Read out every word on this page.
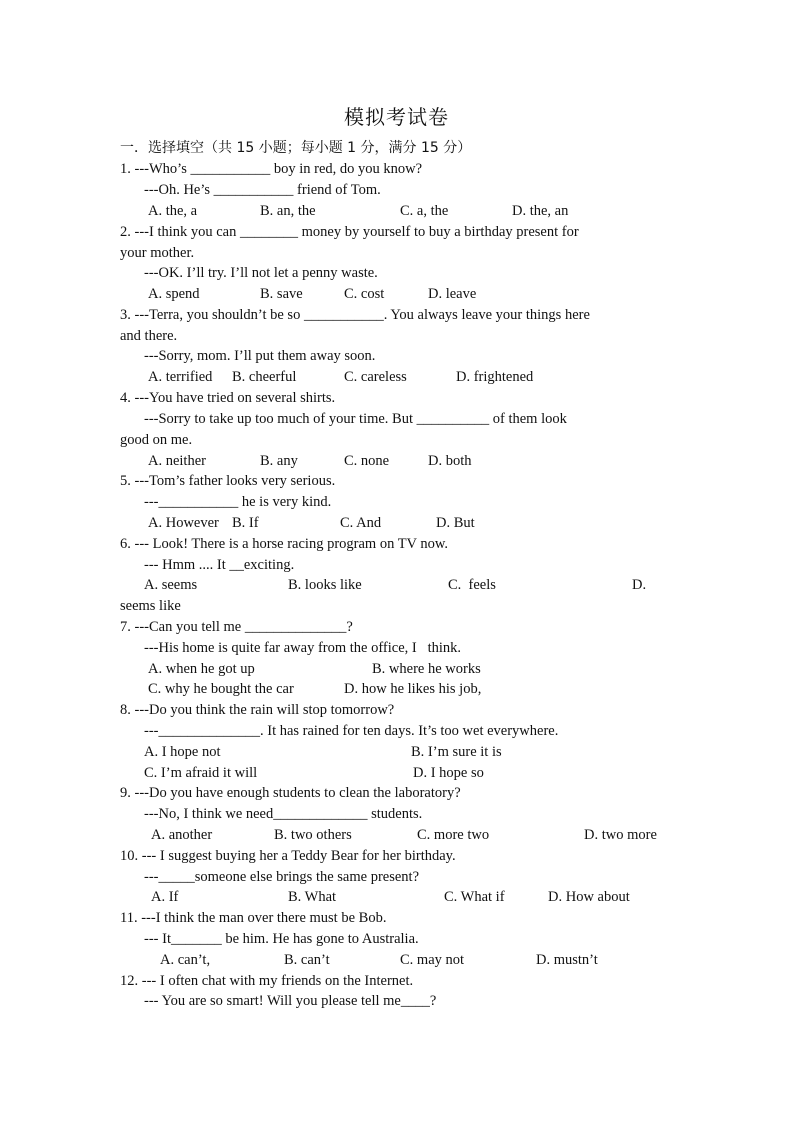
模拟考试卷
一．选择填空（共 15 小题；每小题 1 分，满分 15 分）
1. ---Who’s ___________ boy in red, do you know?
---Oh. He’s ___________ friend of Tom.
A. the, a	B. an, the	C. a, the	D. the, an
2. ---I think you can ________ money by yourself to buy a birthday present for
your mother.
---OK. I’ll try. I’ll not let a penny waste.
A. spend	B. save	C. cost	D. leave
3. ---Terra, you shouldn’t be so ___________. You always leave your things here
and there.
---Sorry, mom. I’ll put them away soon.
A. terrified B. cheerful	C. careless	D. frightened
4. ---You have tried on several shirts.
---Sorry to take up too much of your time. But __________ of them look
good on me.
A. neither	B. any	C. none	D. both
5. ---Tom’s father looks very serious.
---___________ he is very kind.
A. However B. If	C. And	D. But
6. --- Look! There is a horse racing program on TV now.
--- Hmm .... It __exciting.
A. seems	B. looks like	C.  feels	D.
seems like
7. ---Can you tell me ______________?
---His home is quite far away from the office, I   think.
A. when he got up	B. where he works
C. why he bought the car	D. how he likes his job,
8. ---Do you think the rain will stop tomorrow?
---______________. It has rained for ten days. It’s too wet everywhere.
A. I hope not	B. I’m sure it is
C. I’m afraid it will	D. I hope so
9. ---Do you have enough students to clean the laboratory?
---No, I think we need_____________ students.
A. another	B. two others	C. more two	D. two more
10. --- I suggest buying her a Teddy Bear for her birthday.
---_____someone else brings the same present?
A. If	B. What	C. What if	D. How about
11. ---I think the man over there must be Bob.
--- It_______ be him. He has gone to Australia.
A. can’t,	B. can’t	C. may not	D. mustn’t
12. --- I often chat with my friends on the Internet.
--- You are so smart! Will you please tell me____?
